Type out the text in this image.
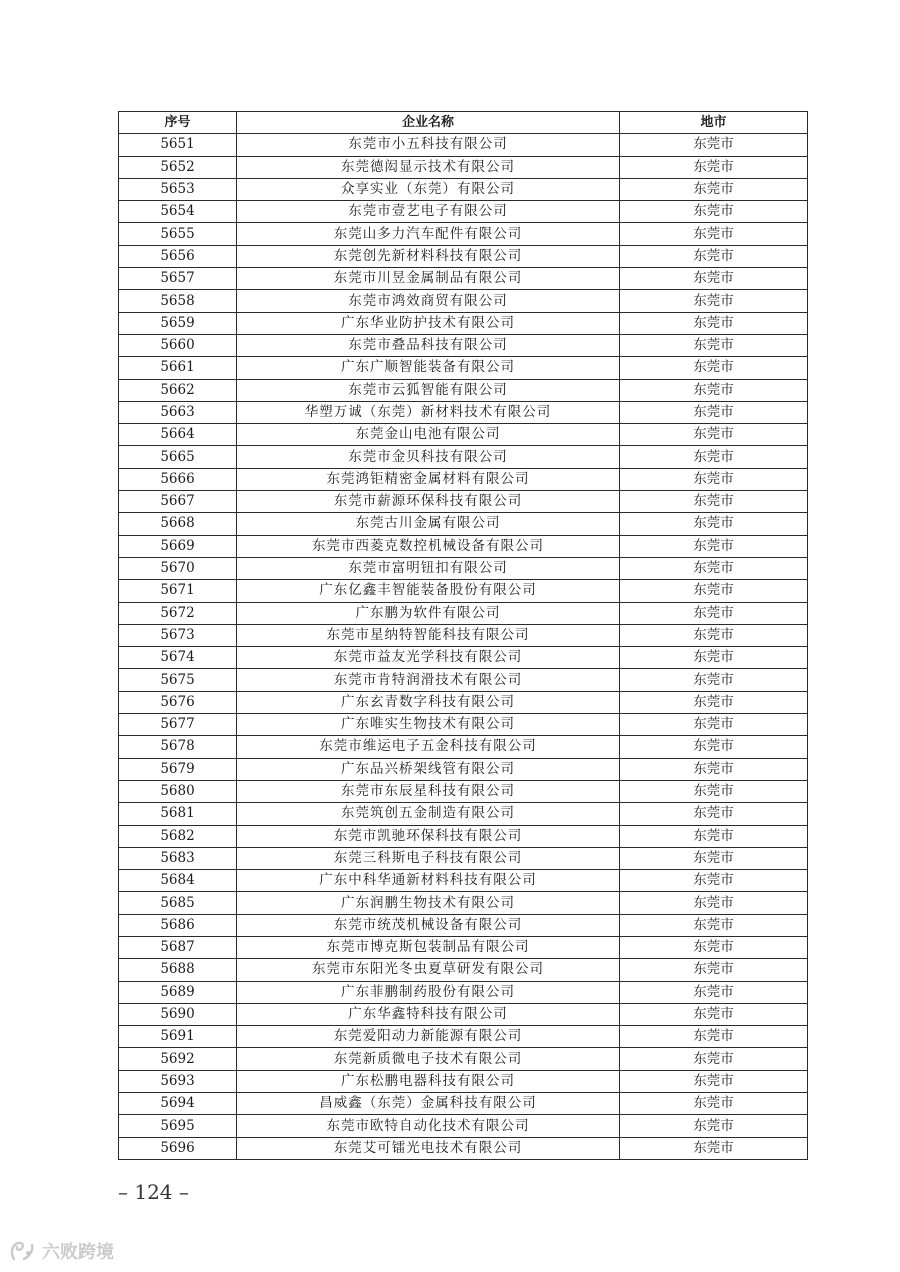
序号	企业名称	地市
5651	东莞市小五科技有限公司	东莞市
5652	东莞德闳显示技术有限公司	东莞市
5653	众享实业（东莞）有限公司	东莞市
5654	东莞市壹艺电子有限公司	东莞市
5655	东莞山多力汽车配件有限公司	东莞市
5656	东莞创先新材料科技有限公司	东莞市
5657	东莞市川昱金属制品有限公司	东莞市
5658	东莞市鸿效商贸有限公司	东莞市
5659	广东华业防护技术有限公司	东莞市
5660	东莞市叠品科技有限公司	东莞市
5661	广东广顺智能装备有限公司	东莞市
5662	东莞市云狐智能有限公司	东莞市
5663	华塑万诚（东莞）新材料技术有限公司	东莞市
5664	东莞金山电池有限公司	东莞市
5665	东莞市金贝科技有限公司	东莞市
5666	东莞鸿钜精密金属材料有限公司	东莞市
5667	东莞市薪源环保科技有限公司	东莞市
5668	东莞古川金属有限公司	东莞市
5669	东莞市西菱克数控机械设备有限公司	东莞市
5670	东莞市富明钮扣有限公司	东莞市
5671	广东亿鑫丰智能装备股份有限公司	东莞市
5672	广东鹏为软件有限公司	东莞市
5673	东莞市星纳特智能科技有限公司	东莞市
5674	东莞市益友光学科技有限公司	东莞市
5675	东莞市肯特润滑技术有限公司	东莞市
5676	广东玄青数字科技有限公司	东莞市
5677	广东唯实生物技术有限公司	东莞市
5678	东莞市维运电子五金科技有限公司	东莞市
5679	广东品兴桥架线管有限公司	东莞市
5680	东莞市东辰星科技有限公司	东莞市
5681	东莞筑创五金制造有限公司	东莞市
5682	东莞市凯驰环保科技有限公司	东莞市
5683	东莞三科斯电子科技有限公司	东莞市
5684	广东中科华通新材料科技有限公司	东莞市
5685	广东润鹏生物技术有限公司	东莞市
5686	东莞市统茂机械设备有限公司	东莞市
5687	东莞市博克斯包装制品有限公司	东莞市
5688	东莞市东阳光冬虫夏草研发有限公司	东莞市
5689	广东菲鹏制药股份有限公司	东莞市
5690	广东华鑫特科技有限公司	东莞市
5691	东莞爱阳动力新能源有限公司	东莞市
5692	东莞新质微电子技术有限公司	东莞市
5693	广东松鹏电器科技有限公司	东莞市
5694	昌威鑫（东莞）金属科技有限公司	东莞市
5695	东莞市欧特自动化技术有限公司	东莞市
5696	东莞艾可镭光电技术有限公司	东莞市
– 124 –
六败跨境
